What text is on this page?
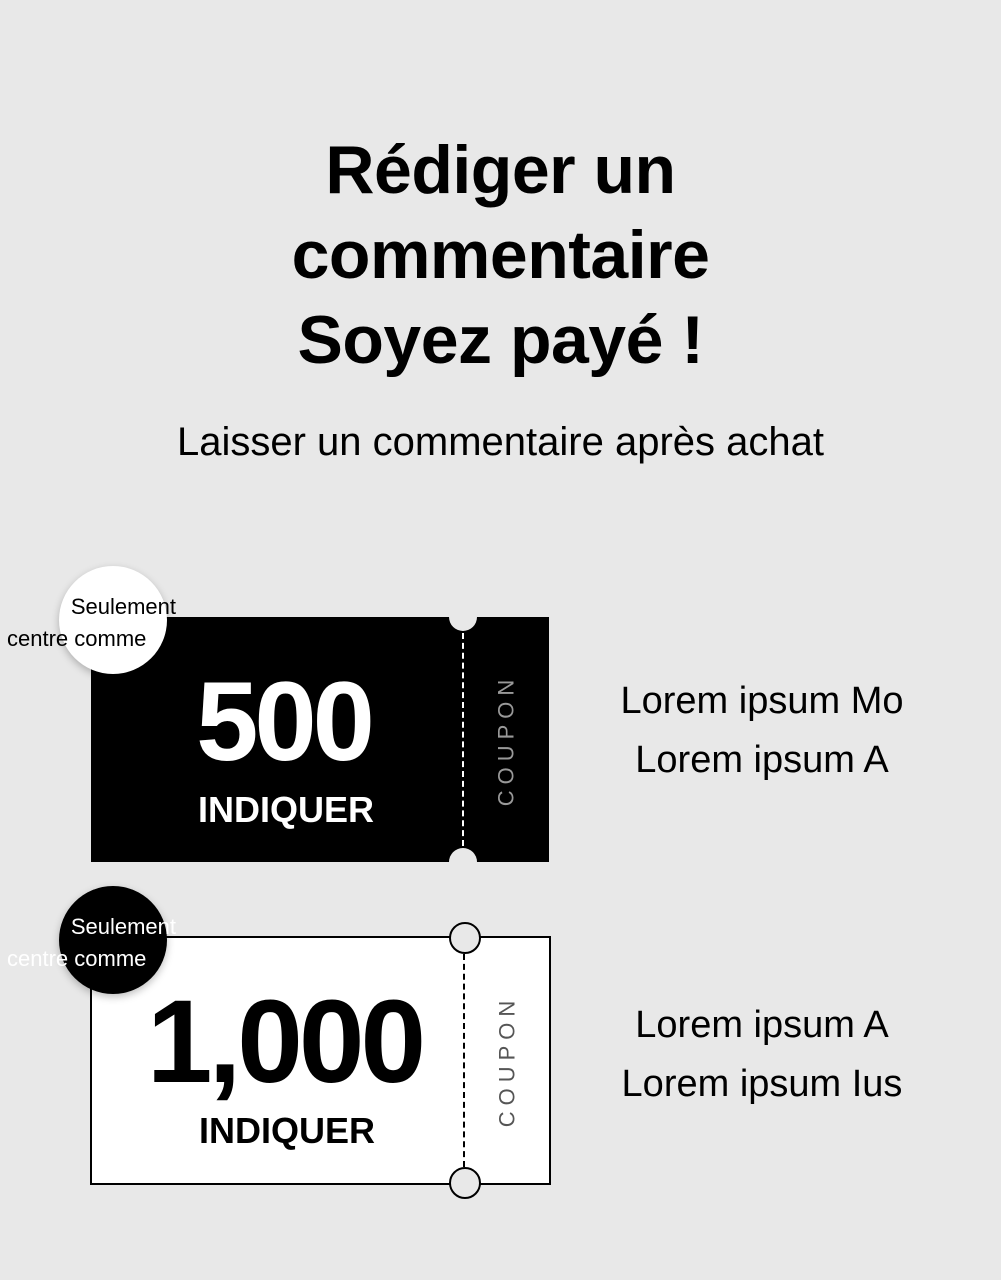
Rédiger un
commentaire
Soyez payé !
Laisser un commentaire après achat
500
INDIQUER
COUPON
Seulement
centre comme
Lorem ipsum Mo
Lorem ipsum A
1,000
INDIQUER
COUPON
Seulement
centre comme
Lorem ipsum A
Lorem ipsum Ius
